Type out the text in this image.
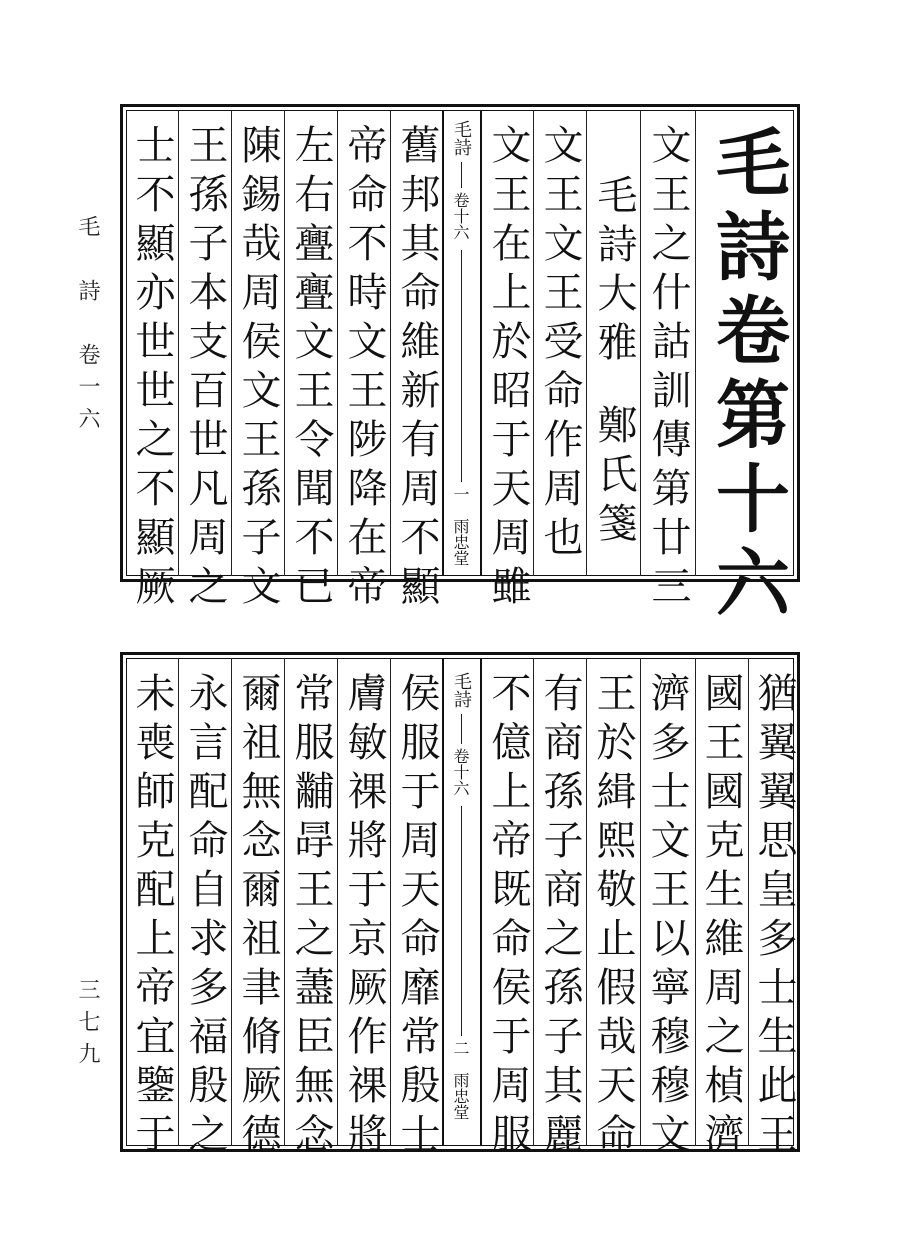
毛　詩　卷一六
三七九
毛詩
卷十六
一　雨忠堂	毛詩卷第十六
文王之什詁訓傳第廿三
毛詩大雅
鄭氏箋
文王文王受命作周也
文王在上於昭于天周雖
舊邦其命維新有周不顯
帝命不時文王陟降在帝
左右亹亹文王令聞不已
陳錫哉周侯文王孫子文
王孫子本支百世凡周之
士不顯亦世世之不顯厥
毛詩
卷十六
二　雨忠堂	猶翼翼思皇多士生此王
國王國克生維周之楨濟
濟多士文王以寧穆穆文
王於緝熙敬止假哉天命
有商孫子商之孫子其麗
不億上帝既命侯于周服
侯服于周天命靡常殷士
膚敏祼將于京厥作祼將
常服黼冔王之藎臣無念
爾祖無念爾祖聿脩厥德
永言配命自求多福殷之
未喪師克配上帝宜鑒于
